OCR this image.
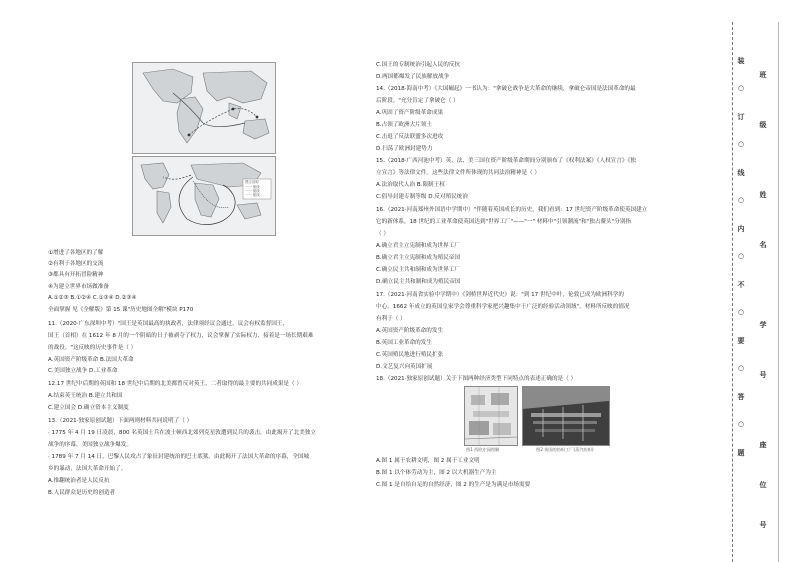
图注说明
一一 航线
一一 航线
一一 航线
①增进了各地区的了解
②有利于各地区的交流
③都具有开拓冒险精神
④为建立世界市场做准备
A.①②③ B.①②④ C.①③④ D.②③④
全面掌握 见《全解版》第 15 课"历史地图全解"模块 P170
11.（2020·广东深圳中考）"国王是英国最高的执政者，法律须经议会通过，议会有权监督国王，
国王（首相）在 1612 年 8 月的一个阴暗的日子被剥夺了权力，议会掌握了实际权力，接着是一场长期艰难
的战役。"这反映的历史事件是（ ）
A.英国资产阶级革命 B.法国大革命
C.美国独立战争 D.工业革命
12.17 世纪中后期的英国和 18 世纪中后期的北美都曾反对英王，二者取得的最主要的共同成果是（ ）
A.结束英王统治 B.建立共和国
C.建立国会 D.确立资本主义制度
13.（2021·独家原创试题）下面两则材料共同说明了（ ）
· 1775 年 4 月 19 日凌晨，800 名英国士兵在波士顿西北郊列克星敦遭到民兵的袭击，由此揭开了北美独立
战争的序幕，美国独立战争爆发。
· 1789 年 7 月 14 日，巴黎人民攻占了象征封建统治的巴士底狱，由此揭开了法国大革命的序幕，全国城
乡的暴动，法国大革命开始了。
A.推翻统治者是人民反抗
B.人民群众是历史的创造者
C.国王的专制统治引起人民的反抗
D.两国都爆发了民族解放战争
14.（2018·海南中考）《大国崛起》一书认为："拿破仑战争是大革命的继续，拿破仑帝国是法国革命的最
后阶段。"允分肯定了拿破仑（ ）
A.巩固了资产阶级革命成果
B.占领了欧洲大片领土
C.击退了反法联盟多次进攻
D.扫荡了欧洲封建势力
15.（2018·广西河池中考）英、法、美三国在资产阶级革命期间分别颁布了《权利法案》《人权宣言》《独
立宣言》等法律文件。这些法律文件所体现的共同法治精神是（ ）
A.法治取代人治 B.限制王权
C.倡导封建专制等级 D.反对殖民统治
16.（2021·河南郑州外国语中学期中）"伴随着英国成长的历史，我们看到：17 世纪资产阶级革命使英国建立
它的新体系，18 世纪的工业革命使英国达到"世界工厂"——"一" 材料中"引领潮流"和"独占鳌头"分别指
（ ）
A.确立君主立宪制和成为世界工厂
B.确立君主立宪制和成为殖民帝国
C.确立民主共和制和成为世界工厂
D.确立民主共和制和成为殖民帝国
17.（2021·河南省实验中学期中）《剑桥世界近代史》说："到 17 世纪中叶，伦敦已成为欧洲科学的
中心。1662 年成立的英国皇家学会尊重科学家把兴趣集中于广泛的经验活动领域"。材料所反映的情况
有利于（ ）
A.英国资产阶级革命的发生
B.英国工业革命的发生
C.英国殖民地进行殖民扩张
D.文艺复兴向英国扩展
18.（2021·独家原创试题）关于下图两种经济类型下同特点的表述正确的是（ ）
图1 西欧庄园图解	图2 英国的纺织工厂(蒸汽纺织)
A.图 1 属于农耕文明，图 2 属于工业文明
B.图 1 以个体劳动为主，图 2 以大机器生产为主
C.图 1 是自给自足的自然经济，图 2 的生产是为满足市场需要
装
○
订
○
线
○
内
○
不
○
要
○
答
○
题
班
级
姓
名
学
号
座
位
号
